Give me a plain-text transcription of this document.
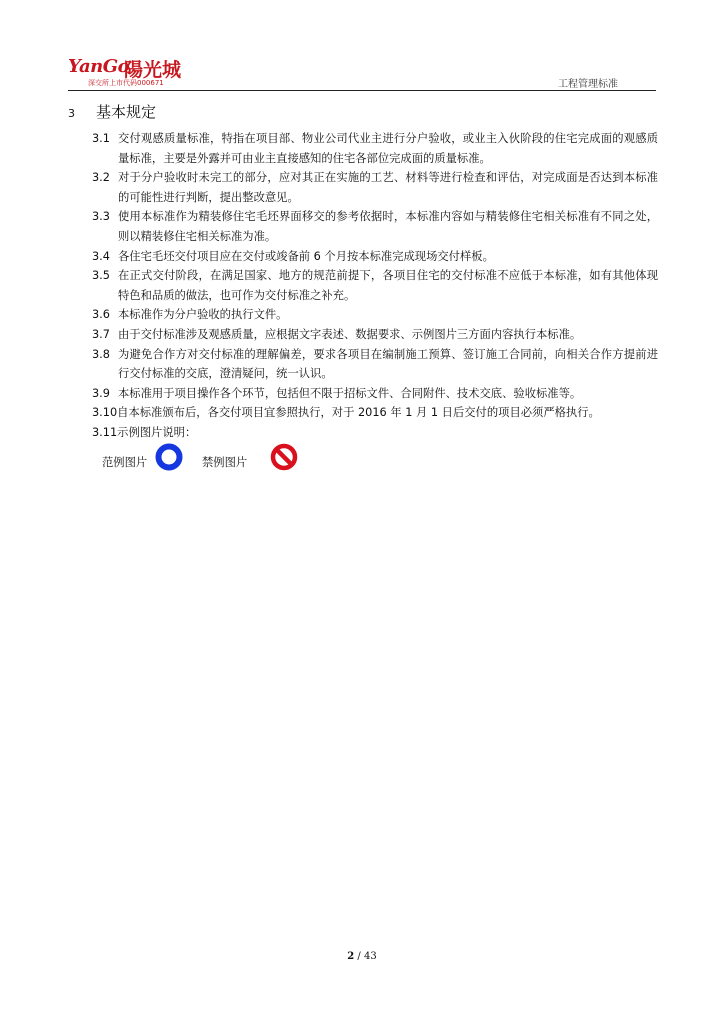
YanGo
陽光城
深交所上市代码000671	工程管理标准
3 基本规定
3.1 交付观感质量标准，特指在项目部、物业公司代业主进行分户验收，或业主入伙阶段的住宅完成面的观感质量标准，主要是外露并可由业主直接感知的住宅各部位完成面的质量标准。
3.2 对于分户验收时未完工的部分，应对其正在实施的工艺、材料等进行检查和评估，对完成面是否达到本标准的可能性进行判断，提出整改意见。
3.3 使用本标准作为精装修住宅毛坯界面移交的参考依据时，本标准内容如与精装修住宅相关标准有不同之处，则以精装修住宅相关标准为准。
3.4 各住宅毛坯交付项目应在交付或竣备前 6 个月按本标准完成现场交付样板。
3.5 在正式交付阶段，在满足国家、地方的规范前提下，各项目住宅的交付标准不应低于本标准，如有其他体现特色和品质的做法，也可作为交付标准之补充。
3.6 本标准作为分户验收的执行文件。
3.7 由于交付标准涉及观感质量，应根据文字表述、数据要求、示例图片三方面内容执行本标准。
3.8 为避免合作方对交付标准的理解偏差，要求各项目在编制施工预算、签订施工合同前，向相关合作方提前进行交付标准的交底，澄清疑问，统一认识。
3.9 本标准用于项目操作各个环节，包括但不限于招标文件、合同附件、技术交底、验收标准等。
3.10 自本标准颁布后，各交付项目宜参照执行，对于 2016 年 1 月 1 日后交付的项目必须严格执行。
3.11 示例图片说明：
范例图片	禁例图片
2 / 43
